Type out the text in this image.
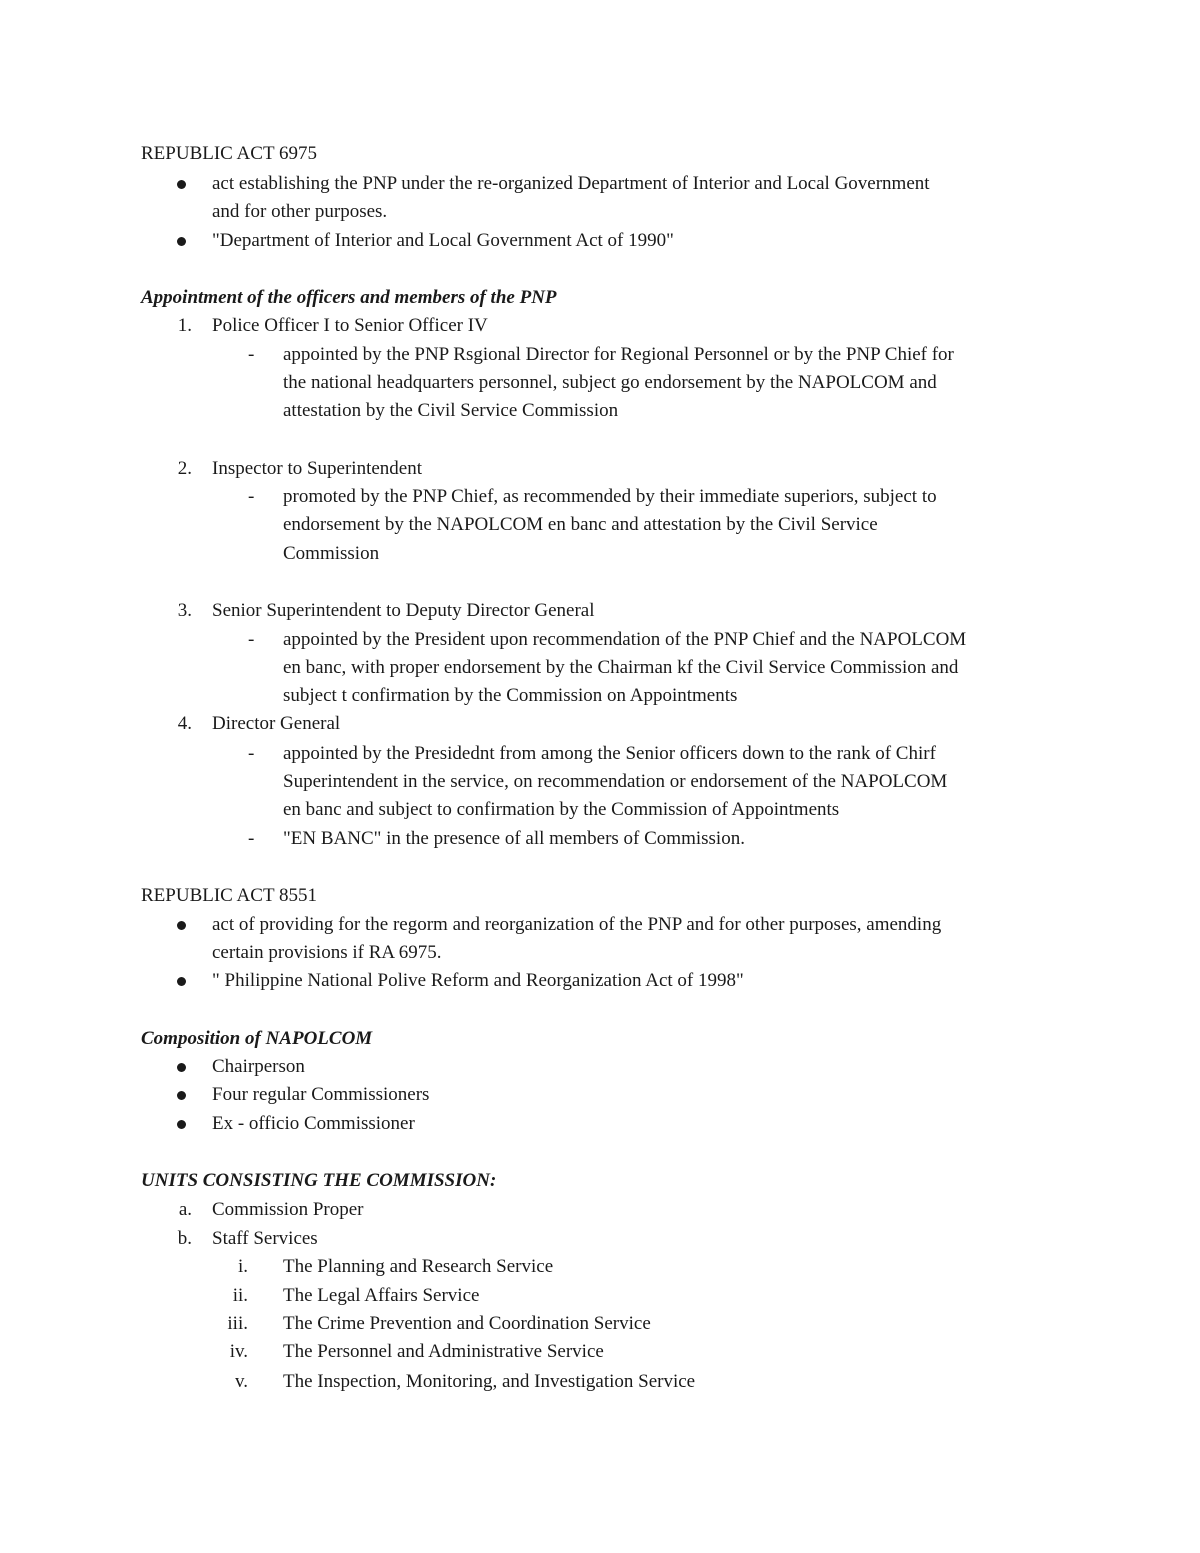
REPUBLIC ACT 6975
act establishing the PNP under the re-organized Department of Interior and Local Government
and for other purposes.
"Department of Interior and Local Government Act of 1990"
Appointment of the officers and members of the PNP
1. Police Officer I to Senior Officer IV
- appointed by the PNP Rsgional Director for Regional Personnel or by the PNP Chief for
the national headquarters personnel, subject go endorsement by the NAPOLCOM and
attestation by the Civil Service Commission
2. Inspector to Superintendent
- promoted by the PNP Chief, as recommended by their immediate superiors, subject to
endorsement by the NAPOLCOM en banc and attestation by the Civil Service
Commission
3. Senior Superintendent to Deputy Director General
- appointed by the President upon recommendation of the PNP Chief and the NAPOLCOM
en banc, with proper endorsement by the Chairman kf the Civil Service Commission and
subject t confirmation by the Commission on Appointments
4. Director General
- appointed by the Presidednt from among the Senior officers down to the rank of Chirf
Superintendent in the service, on recommendation or endorsement of the NAPOLCOM
en banc and subject to confirmation by the Commission of Appointments
- "EN BANC" in the presence of all members of Commission.
REPUBLIC ACT 8551
act of providing for the regorm and reorganization of the PNP and for other purposes, amending
certain provisions if RA 6975.
" Philippine National Polive Reform and Reorganization Act of 1998"
Composition of NAPOLCOM
Chairperson
Four regular Commissioners
Ex - officio Commissioner
UNITS CONSISTING THE COMMISSION:
a. Commission Proper
b. Staff Services
i. The Planning and Research Service
ii. The Legal Affairs Service
iii. The Crime Prevention and Coordination Service
iv. The Personnel and Administrative Service
v. The Inspection, Monitoring, and Investigation Service
